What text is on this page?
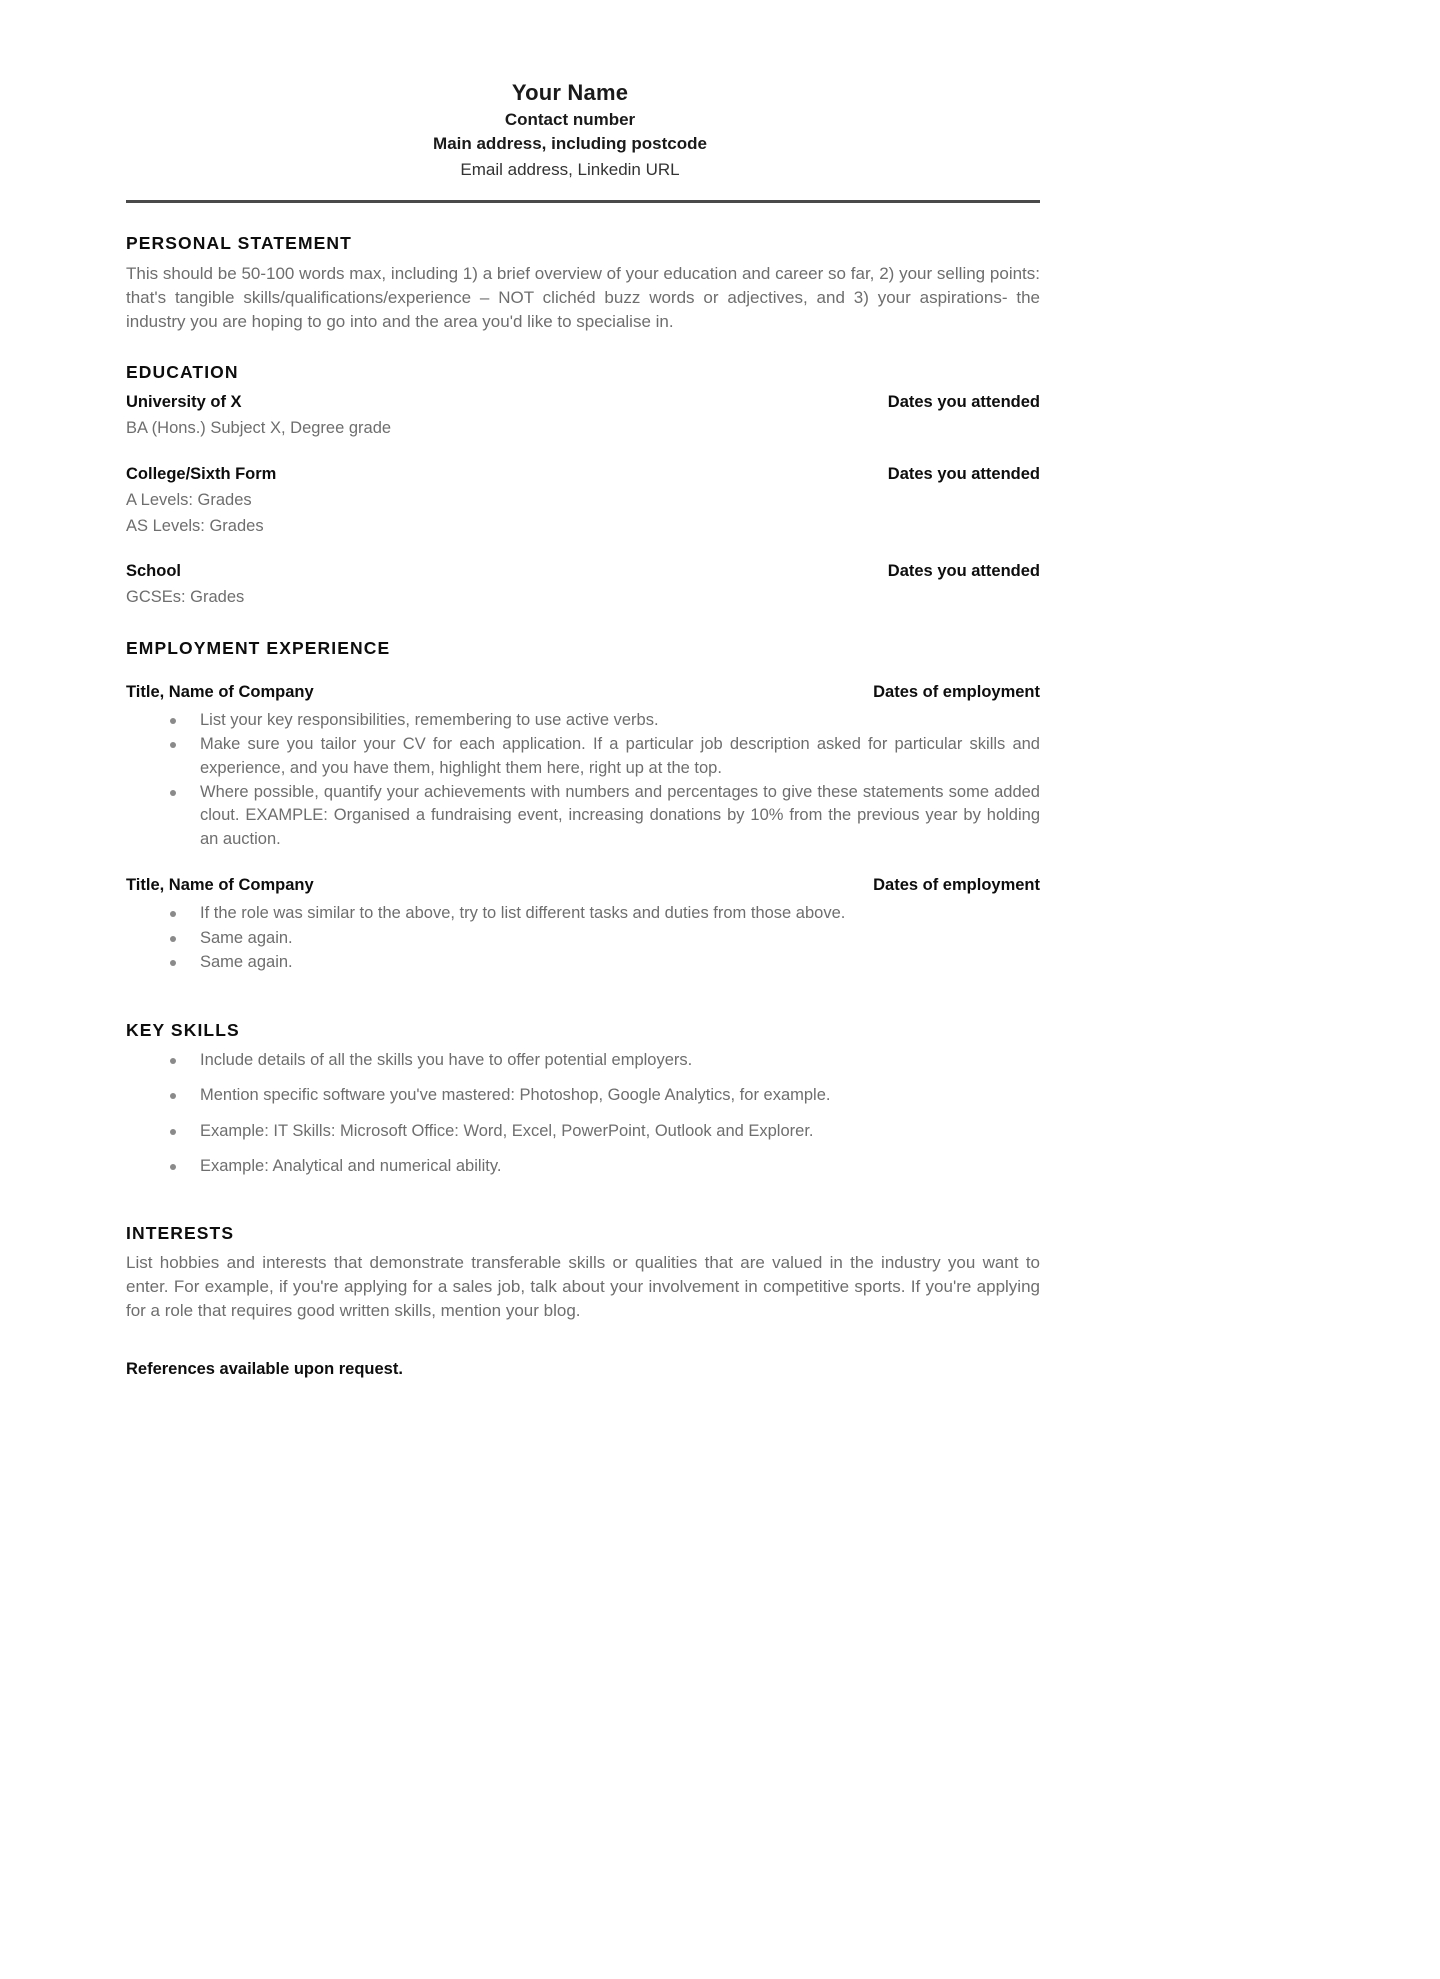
Your Name
Contact number
Main address, including postcode
Email address, Linkedin URL
PERSONAL STATEMENT

This should be 50-100 words max, including 1) a brief overview of your education and career so far, 2) your selling points: that's tangible skills/qualifications/experience – NOT clichéd buzz words or adjectives, and 3) your aspirations- the industry you are hoping to go into and the area you'd like to specialise in.

EDUCATION
University of X	Dates you attended
BA (Hons.) Subject X, Degree grade
College/Sixth Form	Dates you attended
A Levels: Grades
AS Levels: Grades
School	Dates you attended
GCSEs: Grades
EMPLOYMENT EXPERIENCE
Title, Name of Company	Dates of employment
List your key responsibilities, remembering to use active verbs.
Make sure you tailor your CV for each application. If a particular job description asked for particular skills and experience, and you have them, highlight them here, right up at the top.
Where possible, quantify your achievements with numbers and percentages to give these statements some added clout. EXAMPLE: Organised a fundraising event, increasing donations by 10% from the previous year by holding an auction.
Title, Name of Company	Dates of employment
If the role was similar to the above, try to list different tasks and duties from those above.
Same again.
Same again.
KEY SKILLS
Include details of all the skills you have to offer potential employers.
Mention specific software you've mastered: Photoshop, Google Analytics, for example.
Example: IT Skills: Microsoft Office: Word, Excel, PowerPoint, Outlook and Explorer.
Example: Analytical and numerical ability.
INTERESTS

List hobbies and interests that demonstrate transferable skills or qualities that are valued in the industry you want to enter. For example, if you're applying for a sales job, talk about your involvement in competitive sports. If you're applying for a role that requires good written skills, mention your blog.

References available upon request.
